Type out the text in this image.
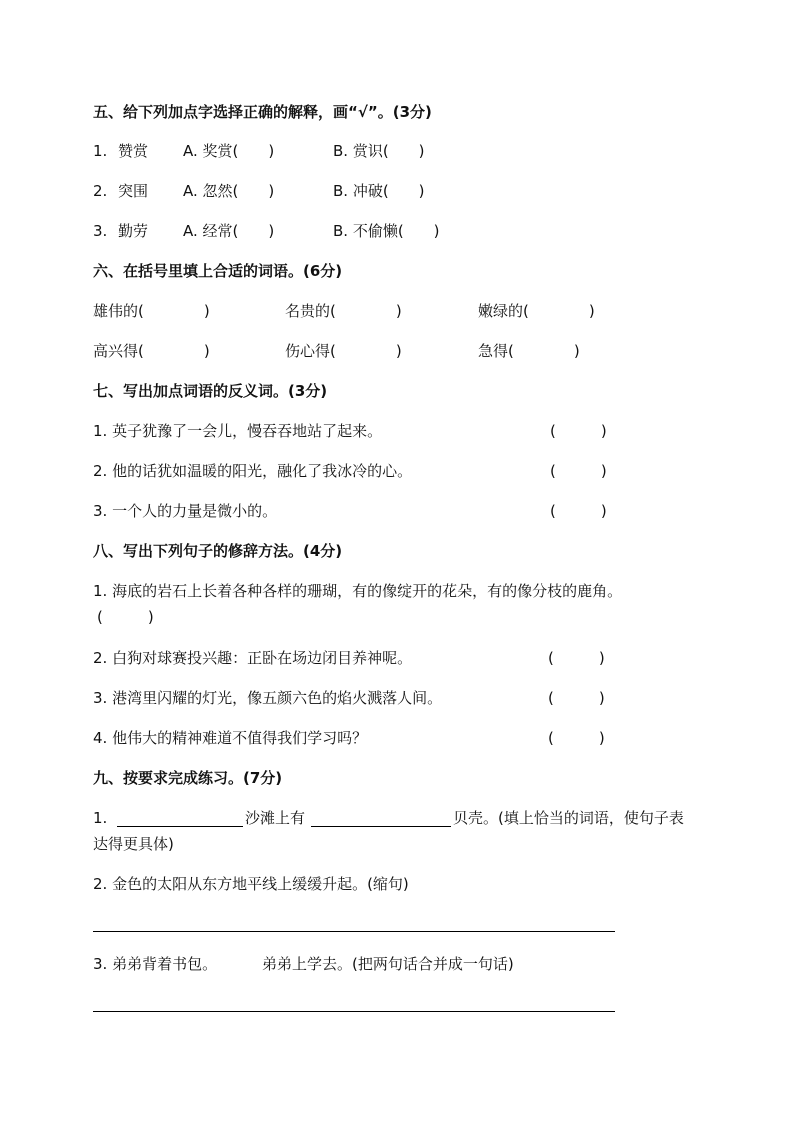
五、给下列加点字选择正确的解释，画“√”。(3分)
1. 赞赏 A. 奖赏(　　)	B. 赏识(　　)
2. 突围 A. 忽然(　　)	B. 冲破(　　)
3. 勤劳 A. 经常(　　)	B. 不偷懒(　　)
六、在括号里填上合适的词语。(6分)
雄伟的(　　　　)	名贵的(　　　　)	嫩绿的(　　　　)
高兴得(　　　　)	伤心得(　　　　)	急得(　　　　)
七、写出加点词语的反义词。(3分)
1. 英子犹豫了一会儿，慢吞吞地站了起来。	(　　　)
2. 他的话犹如温暖的阳光，融化了我冰冷的心。	(　　　)
3. 一个人的力量是微小的。	(　　　)
八、写出下列句子的修辞方法。(4分)
1. 海底的岩石上长着各种各样的珊瑚，有的像绽开的花朵，有的像分枝的鹿角。
(　　　)
2. 白狗对球赛投兴趣：正卧在场边闭目养神呢。	(　　　)
3. 港湾里闪耀的灯光，像五颜六色的焰火溅落人间。	(　　　)
4. 他伟大的精神难道不值得我们学习吗？	(　　　)
九、按要求完成练习。(7分)
1.	沙滩上有	贝壳。(填上恰当的词语，使句子表
达得更具体)
2. 金色的太阳从东方地平线上缓缓升起。(缩句)
3. 弟弟背着书包。	弟弟上学去。(把两句话合并成一句话)
